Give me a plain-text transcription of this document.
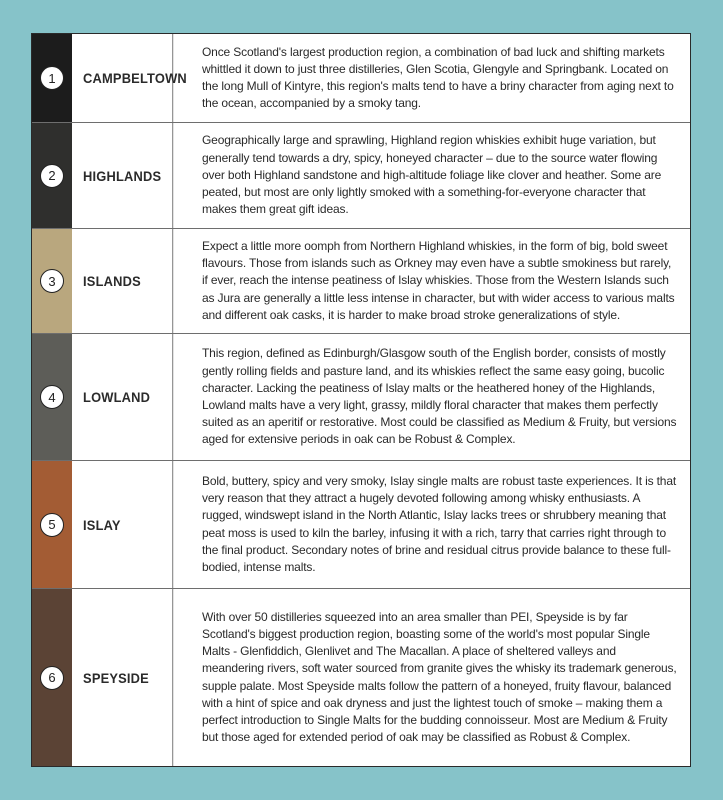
1	CAMPBELTOWN
Once Scotland's largest production region, a combination of bad luck and shifting markets whittled it down to just three distilleries, Glen Scotia, Glengyle and Springbank. Located on the long Mull of Kintyre, this region's malts tend to have a briny character from aging next to the ocean, accompanied by a smoky tang.
2	HIGHLANDS
Geographically large and sprawling, Highland region whiskies exhibit huge variation, but generally tend towards a dry, spicy, honeyed character – due to the source water flowing over both Highland sandstone and high-altitude foliage like clover and heather. Some are peated, but most are only lightly smoked with a something-for-everyone character that makes them great gift ideas.
3	ISLANDS
Expect a little more oomph from Northern Highland whiskies, in the form of big, bold sweet flavours. Those from islands such as Orkney may even have a subtle smokiness but rarely, if ever, reach the intense peatiness of Islay whiskies. Those from the Western Islands such as Jura are generally a little less intense in character, but with wider access to various malts and different oak casks, it is harder to make broad stroke generalizations of style.
4	LOWLAND
This region, defined as Edinburgh/Glasgow south of the English border, consists of mostly gently rolling fields and pasture land, and its whiskies reflect the same easy going, bucolic character. Lacking the peatiness of Islay malts or the heathered honey of the Highlands, Lowland malts have a very light, grassy, mildly floral character that makes them perfectly suited as an aperitif or restorative. Most could be classified as Medium & Fruity, but versions aged for extensive periods in oak can be Robust & Complex.
5	ISLAY
Bold, buttery, spicy and very smoky, Islay single malts are robust taste experiences. It is that very reason that they attract a hugely devoted following among whisky enthusiasts. A rugged, windswept island in the North Atlantic, Islay lacks trees or shrubbery meaning that peat moss is used to kiln the barley, infusing it with a rich, tarry that carries right through to the final product. Secondary notes of brine and residual citrus provide balance to these full-bodied, intense malts.
6	SPEYSIDE
With over 50 distilleries squeezed into an area smaller than PEI, Speyside is by far Scotland's biggest production region, boasting some of the world's most popular Single Malts - Glenfiddich, Glenlivet and The Macallan. A place of sheltered valleys and meandering rivers, soft water sourced from granite gives the whisky its trademark generous, supple palate. Most Speyside malts follow the pattern of a honeyed, fruity flavour, balanced with a hint of spice and oak dryness and just the lightest touch of smoke – making them a perfect introduction to Single Malts for the budding connoisseur. Most are Medium & Fruity but those aged for extended period of oak may be classified as Robust & Complex.
